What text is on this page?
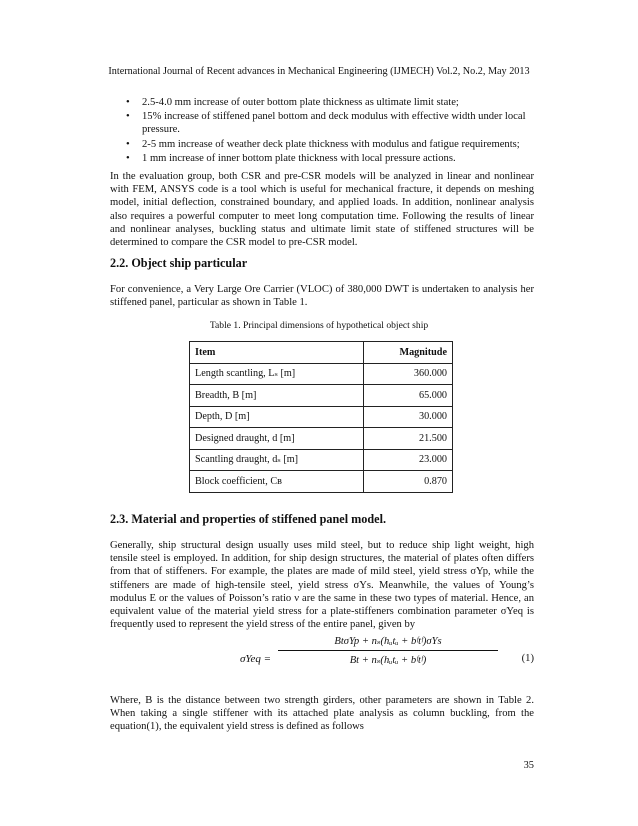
International Journal of Recent advances in Mechanical Engineering (IJMECH) Vol.2, No.2, May 2013
• 2.5-4.0 mm increase of outer bottom plate thickness as ultimate limit state;
• 15% increase of stiffened panel bottom and deck modulus with effective width under local pressure.
• 2-5 mm increase of weather deck plate thickness with modulus and fatigue requirements;
• 1 mm increase of inner bottom plate thickness with local pressure actions.

In the evaluation group, both CSR and pre-CSR models will be analyzed in linear and nonlinear with FEM, ANSYS code is a tool which is useful for mechanical fracture, it depends on meshing model, initial deflection, constrained boundary, and applied loads. In addition, nonlinear analysis also requires a powerful computer to meet long computation time. Following the results of linear and nonlinear analyses, buckling status and ultimate limit state of stiffened structures will be determined to compare the CSR model to pre-CSR model.

2.2. Object ship particular

For convenience, a Very Large Ore Carrier (VLOC) of 380,000 DWT is undertaken to analysis her stiffened panel, particular as shown in Table 1.

Table 1. Principal dimensions of hypothetical object ship
Item	Magnitude
Length scantling, Lₛ [m]	360.000
Breadth, B [m]	65.000
Depth, D [m]	30.000
Designed draught, d [m]	21.500
Scantling draught, dₛ [m]	23.000
Block coefficient, Cʙ	0.870
2.3. Material and properties of stiffened panel model.

Generally, ship structural design usually uses mild steel, but to reduce ship light weight, high tensile steel is employed. In addition, for ship design structures, the material of plates often differs from that of stiffeners. For example, the plates are made of mild steel, yield stress σYp, while the stiffeners are made of high-tensile steel, yield stress σYs. Meanwhile, the values of Young’s modulus E or the values of Poisson’s ratio ν are the same in these two types of material. Hence, an equivalent value of the material yield stress for a plate-stiffeners combination parameter σYeq is frequently used to represent the yield stress of the entire panel, given by

σYeq =
BtσYp + nₛ(hᵤtᵤ + bᶠtᶠ)σYs
Bt + nₛ(hᵤtᵤ + bᶠtᶠ)	(1)

Where, B is the distance between two strength girders, other parameters are shown in Table 2. When taking a single stiffener with its attached plate analysis as column buckling, from the equation(1), the equivalent yield stress is defined as follows

35
